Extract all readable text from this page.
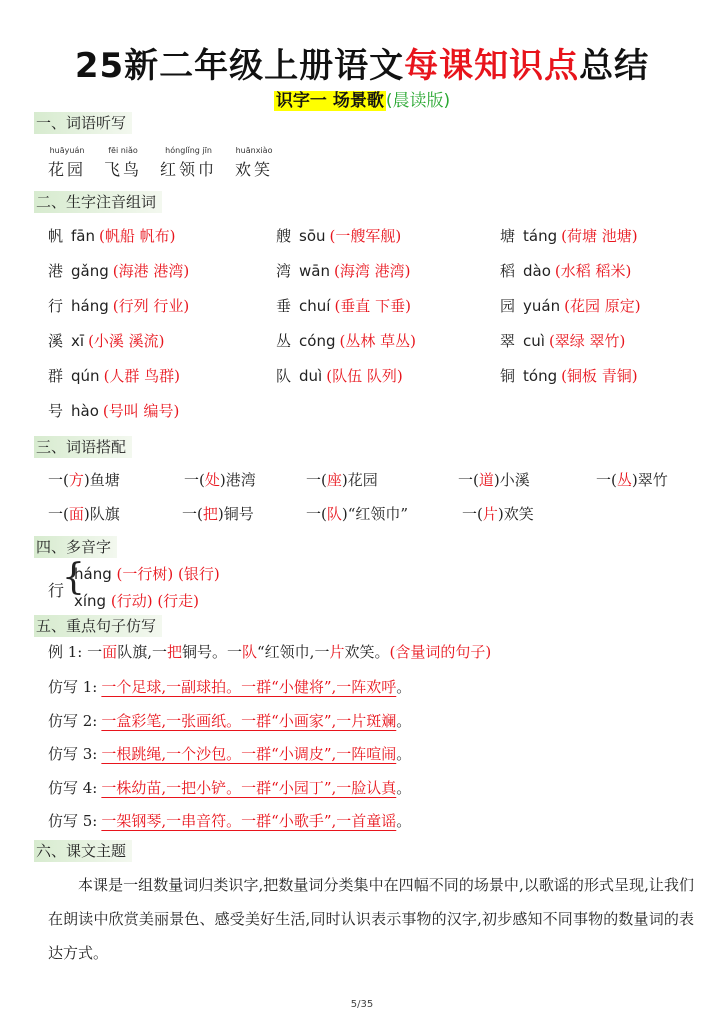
25新二年级上册语文每课知识点总结
识字一 场景歌 (晨读版)
一、词语听写
huāyuán
花园
fēi niǎo
飞鸟
hónglǐng jīn
红领巾
huānxiào
欢笑
二、生字注音组词
帆 fān (帆船 帆布)	艘 sōu (一艘军舰)	塘 táng (荷塘 池塘)
港 gǎng (海港 港湾)	湾 wān (海湾 港湾)	稻 dào (水稻 稻米)
行 háng (行列 行业)	垂 chuí (垂直 下垂)	园 yuán (花园 原定)
溪 xī (小溪 溪流)	丛 cóng (丛林 草丛)	翠 cuì (翠绿 翠竹)
群 qún (人群 鸟群)	队 duì (队伍 队列)	铜 tóng (铜板 青铜)
号 hào (号叫 编号)
三、词语搭配
一(方)鱼塘	一(处)港湾	一(座)花园	一(道)小溪	一(丛)翠竹
一(面)队旗	一(把)铜号	一(队)“红领巾”	一(片)欢笑
四、多音字
行
{
háng (一行树) (银行)
xíng (行动) (行走)
五、重点句子仿写
例 1: 一面队旗,一把铜号。一队“红领巾,一片欢笑。(含量词的句子)
仿写 1: 一个足球,一副球拍。一群“小健将”,一阵欢呼。
仿写 2: 一盒彩笔,一张画纸。一群“小画家”,一片斑斓。
仿写 3: 一根跳绳,一个沙包。一群“小调皮”,一阵喧闹。
仿写 4: 一株幼苗,一把小铲。一群“小园丁”,一脸认真。
仿写 5: 一架钢琴,一串音符。一群“小歌手”,一首童谣。
六、课文主题
本课是一组数量词归类识字,把数量词分类集中在四幅不同的场景中,以歌谣的形式呈现,让我们在朗读中欣赏美丽景色、感受美好生活,同时认识表示事物的汉字,初步感知不同事物的数量词的表达方式。
5/35
